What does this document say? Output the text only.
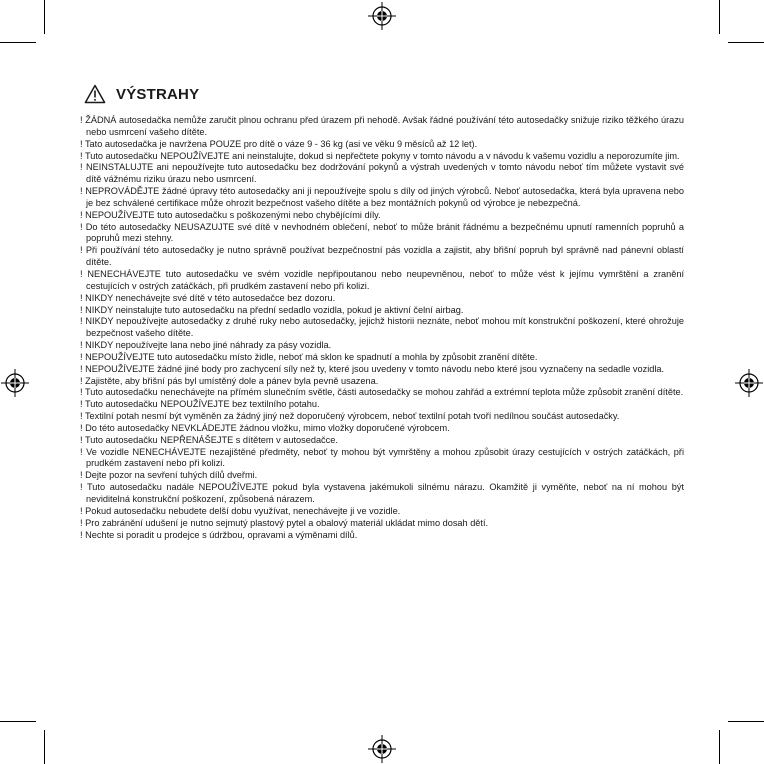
VÝSTRAHY
! ŽÁDNÁ autosedačka nemůže zaručit plnou ochranu před úrazem při nehodě. Avšak řádné používání této autosedačky snižuje riziko těžkého úrazu nebo usmrcení vašeho dítěte.
! Tato autosedačka je navržena POUZE pro dítě o váze 9 - 36 kg (asi ve věku 9 měsíců až 12 let).
! Tuto autosedačku NEPOUŽÍVEJTE ani neinstalujte, dokud si nepřečtete pokyny v tomto návodu a v návodu k vašemu vozidlu a neporozumíte jim.
! NEINSTALUJTE ani nepoužívejte tuto autosedačku bez dodržování pokynů a výstrah uvedených v tomto návodu neboť tím můžete vystavit své dítě vážnému riziku úrazu nebo usmrcení.
! NEPROVÁDĚJTE žádné úpravy této autosedačky ani ji nepoužívejte spolu s díly od jiných výrobců. Neboť autosedačka, která byla upravena nebo je bez schválené certifikace může ohrozit bezpečnost vašeho dítěte a bez montážních pokynů od výrobce je nebezpečná.
! NEPOUŽÍVEJTE tuto autosedačku s poškozenými nebo chybějícími díly.
! Do této autosedačky NEUSAZUJTE své dítě v nevhodném oblečení, neboť to může bránit řádnému a bezpečnému upnutí ramenních popruhů a popruhů mezi stehny.
! Při používání této autosedačky je nutno správně používat bezpečnostní pás vozidla a zajistit, aby břišní popruh byl správně nad pánevní oblastí dítěte.
! NENECHÁVEJTE tuto autosedačku ve svém vozidle nepřipoutanou nebo neupevněnou, neboť to může vést k jejímu vymrštění a zranění cestujících v ostrých zatáčkách, při prudkém zastavení nebo při kolizi.
! NIKDY nenechávejte své dítě v této autosedačce bez dozoru.
! NIKDY neinstalujte tuto autosedačku na přední sedadlo vozidla, pokud je aktivní čelní airbag.
! NIKDY nepoužívejte autosedačky z druhé ruky nebo autosedačky, jejichž historii neznáte, neboť mohou mít konstrukční poškození, které ohrožuje bezpečnost vašeho dítěte.
! NIKDY nepoužívejte lana nebo jiné náhrady za pásy vozidla.
! NEPOUŽÍVEJTE tuto autosedačku místo židle, neboť má sklon ke spadnutí a mohla by způsobit zranění dítěte.
! NEPOUŽÍVEJTE žádné jiné body pro zachycení síly než ty, které jsou uvedeny v tomto návodu nebo které jsou vyznačeny na sedadle vozidla.
! Zajistěte, aby břišní pás byl umístěný dole a pánev byla pevně usazena.
! Tuto autosedačku nenechávejte na přímém slunečním světle, části autosedačky se mohou zahřád a extrémní teplota může způsobit zranění dítěte.
! Tuto autosedačku NEPOUŽÍVEJTE bez textilního potahu.
! Textilní potah nesmí být vyměněn za žádný jiný než doporučený výrobcem, neboť textilní potah tvoří nedílnou součást autosedačky.
! Do této autosedačky NEVKLÁDEJTE žádnou vložku, mimo vložky doporučené výrobcem.
! Tuto autosedačku NEPŘENÁŠEJTE s dítětem v autosedačce.
! Ve vozidle NENECHÁVEJTE nezajištěné předměty, neboť ty mohou být vymrštěny a mohou způsobit úrazy cestujících v ostrých zatáčkách, při prudkém zastavení nebo při kolizi.
! Dejte pozor na sevření tuhých dílů dveřmi.
! Tuto autosedačku nadále NEPOUŽÍVEJTE pokud byla vystavena jakémukoli silnému nárazu. Okamžitě ji vyměňte, neboť na ní mohou být neviditelná konstrukční poškození, způsobená nárazem.
! Pokud autosedačku nebudete delší dobu využívat, nenechávejte ji ve vozidle.
! Pro zabránění udušení je nutno sejmutý plastový pytel a obalový materiál ukládat mimo dosah dětí.
! Nechte si poradit u prodejce s údržbou, opravami a výměnami dílů.
